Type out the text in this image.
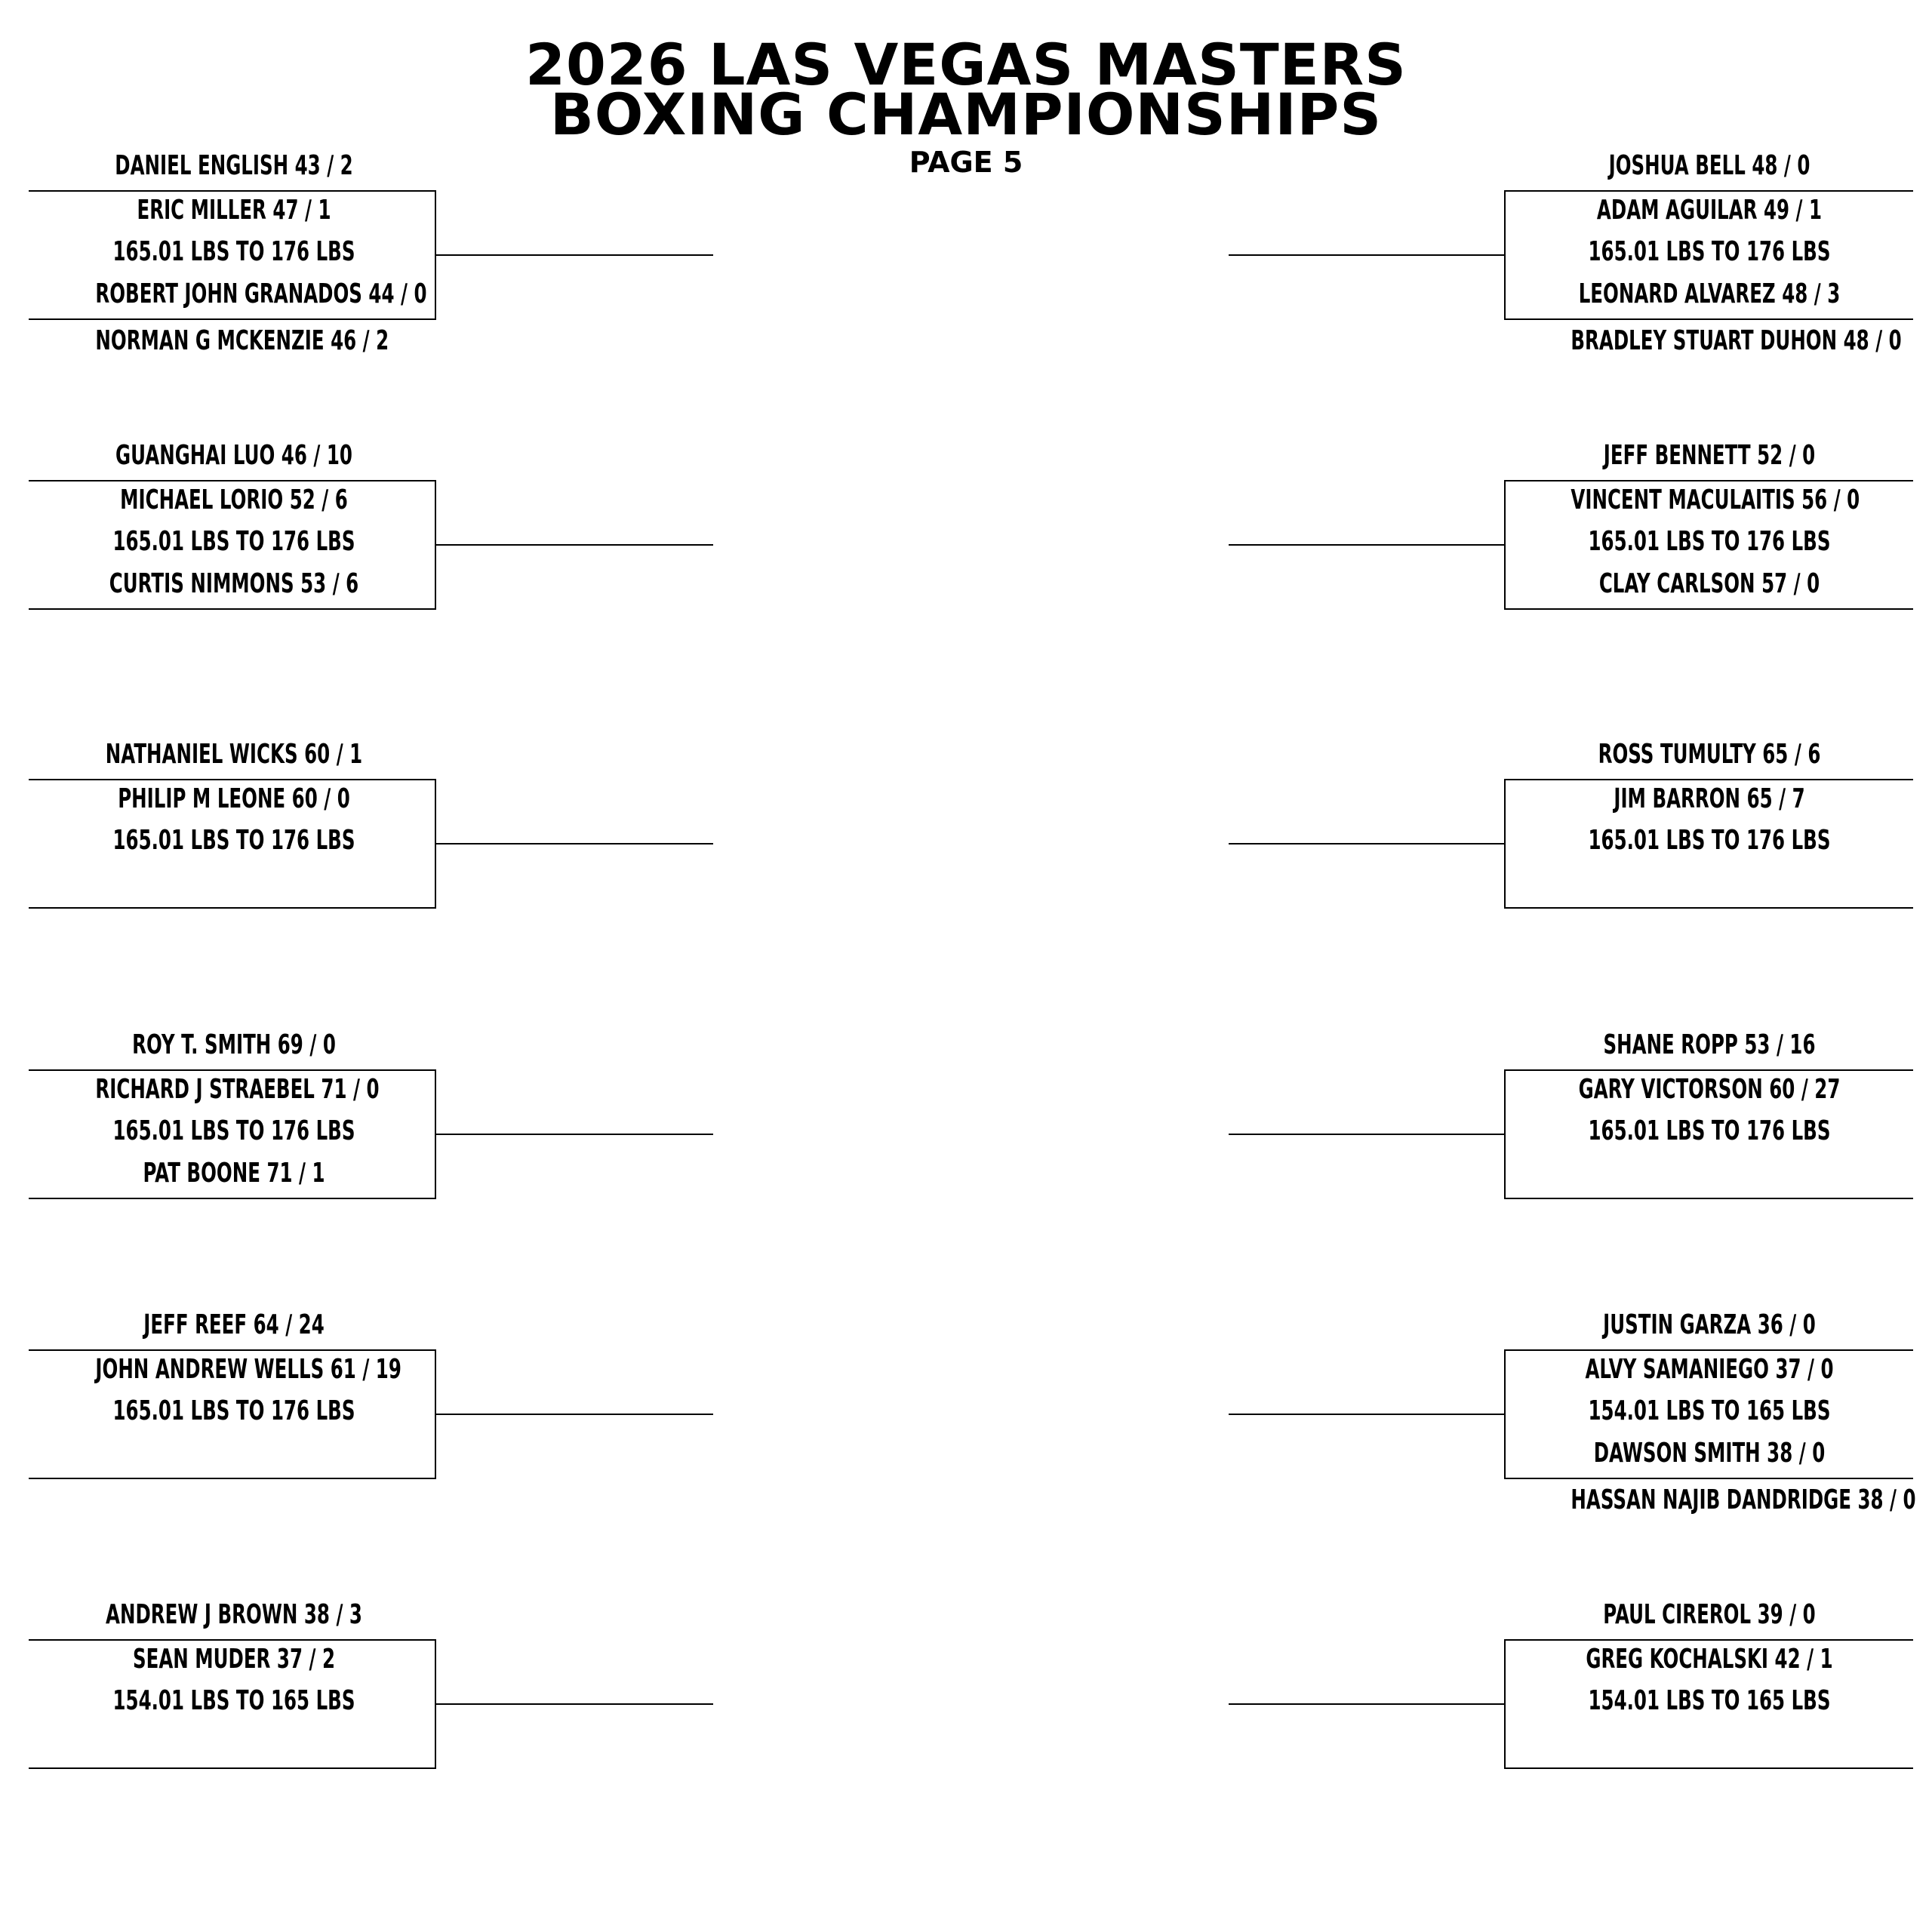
2026 LAS VEGAS MASTERS
BOXING CHAMPIONSHIPS
PAGE 5
DANIEL ENGLISH 43 / 2
ERIC MILLER 47 / 1
165.01 LBS TO 176 LBS
ROBERT JOHN GRANADOS 44 / 0
NORMAN G MCKENZIE 46 / 2
GUANGHAI LUO 46 / 10
MICHAEL LORIO 52 / 6
165.01 LBS TO 176 LBS
CURTIS NIMMONS 53 / 6
NATHANIEL WICKS 60 / 1
PHILIP M LEONE 60 / 0
165.01 LBS TO 176 LBS
ROY T. SMITH 69 / 0
RICHARD J STRAEBEL 71 / 0
165.01 LBS TO 176 LBS
PAT BOONE 71 / 1
JEFF REEF 64 / 24
JOHN ANDREW WELLS 61 / 19
165.01 LBS TO 176 LBS
ANDREW J BROWN 38 / 3
SEAN MUDER 37 / 2
154.01 LBS TO 165 LBS
JOSHUA BELL 48 / 0
ADAM AGUILAR 49 / 1
165.01 LBS TO 176 LBS
LEONARD ALVAREZ 48 / 3
BRADLEY STUART DUHON 48 / 0
JEFF BENNETT 52 / 0
VINCENT MACULAITIS 56 / 0
165.01 LBS TO 176 LBS
CLAY CARLSON 57 / 0
ROSS TUMULTY 65 / 6
JIM BARRON 65 / 7
165.01 LBS TO 176 LBS
SHANE ROPP 53 / 16
GARY VICTORSON 60 / 27
165.01 LBS TO 176 LBS
JUSTIN GARZA 36 / 0
ALVY SAMANIEGO 37 / 0
154.01 LBS TO 165 LBS
DAWSON SMITH 38 / 0
HASSAN NAJIB DANDRIDGE 38 / 0
PAUL CIREROL 39 / 0
GREG KOCHALSKI 42 / 1
154.01 LBS TO 165 LBS
